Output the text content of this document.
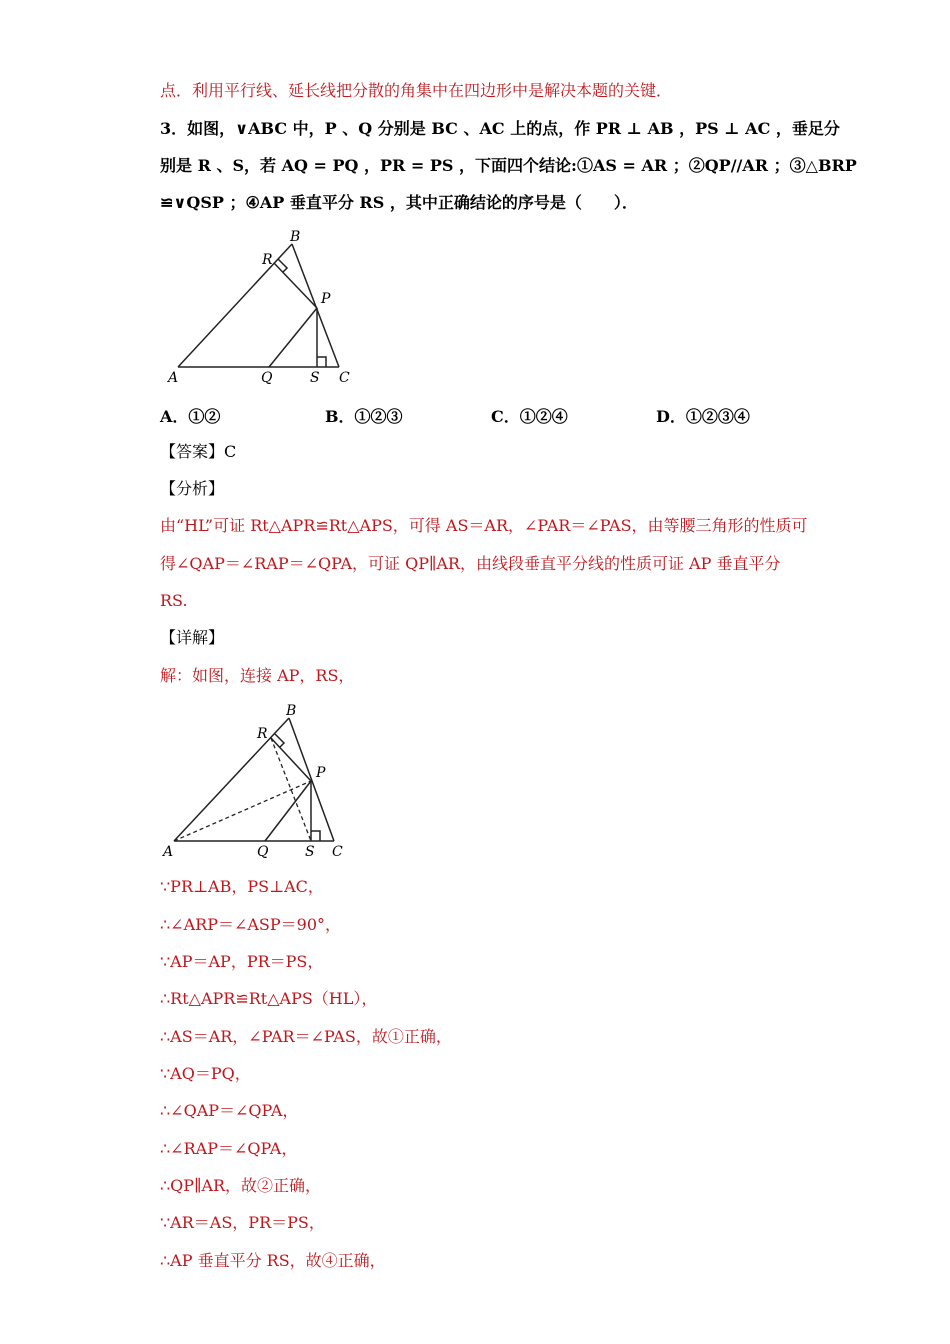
点．利用平行线、延长线把分散的角集中在四边形中是解决本题的关键．
3．如图，∨ABC 中，P 、Q 分别是 BC 、AC 上的点，作 PR ⊥ AB ，PS ⊥ AC ，垂足分
别是 R 、S，若 AQ = PQ ，PR = PS ，下面四个结论:①AS = AR ；②QP//AR ；③△BRP
≌∨QSP ；④AP 垂直平分 RS ，其中正确结论的序号是（　　）．
A
B
C
P
Q
R
S
A．①②	B．①②③	C．①②④	D．①②③④
【答案】C
【分析】
由“HL”可证 Rt△APR≌Rt△APS，可得 AS＝AR，∠PAR＝∠PAS，由等腰三角形的性质可
得∠QAP＝∠RAP＝∠QPA，可证 QP∥AR，由线段垂直平分线的性质可证 AP 垂直平分
RS.
【详解】
解：如图，连接 AP，RS，
A
B
C
P
Q
R
S
∵PR⊥AB，PS⊥AC，
∴∠ARP＝∠ASP＝90°，
∵AP＝AP，PR＝PS，
∴Rt△APR≌Rt△APS（HL），
∴AS＝AR，∠PAR＝∠PAS，故①正确，
∵AQ＝PQ，
∴∠QAP＝∠QPA，
∴∠RAP＝∠QPA，
∴QP∥AR，故②正确，
∵AR＝AS，PR＝PS，
∴AP 垂直平分 RS，故④正确，
